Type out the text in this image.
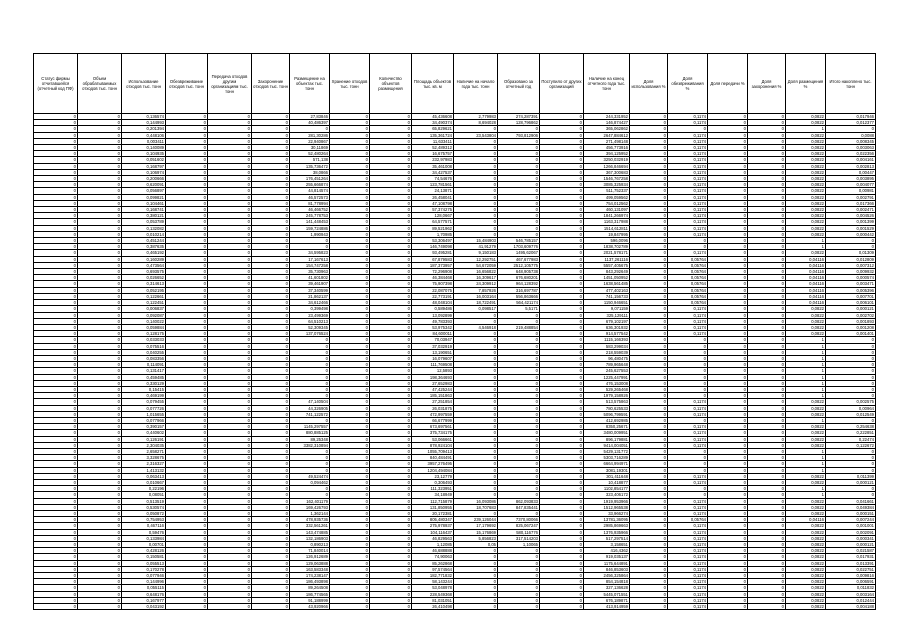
Статус фирмы отчитавшейся (отчетный код ПФ)	Объем обрабатываемых отходов тыс. тонн	Использование отходов тыс. тонн	Обезвреживание отходов тыс. тонн	Передача отходов другим организациям тыс. тонн	Захоронение отходов тыс. тонн	Размещение на объектах тыс. тонн	Хранение отходов тыс. тонн	Количество объектов размещения	Площадь объектов тыс. кв. м	Наличие на начало года тыс. тонн	Образовано за отчетный год	Поступило от других организаций	Наличие на конец отчетного года тыс. тонн	Доля использования %	Доля обезвреживания %	Доля передачи %	Доля захоронения %	Доля размещения %	Итого накоплено тыс. тонн
0	0	0,136574	0	0	0	27,83846	0	0	45,436608	2,779983	274,287391	0	244,331952	0	0,1174	0	0	0,0822	0,017946
0	0	0,144993	0	0	0	40,486397	0	0	34,490374	8,694028	128,796862	0	146,874427	0	0,1174	0	0	0,0822	0,012377
0	0	0,201394	0	0	0	0	0	0	65,829621	0	0	0	365,062862	0	0	0	0	1	0
0	0	0,448106	0	0	0	281,30286	0	0	135,361724	23,543804	793,812906	0	2647,884612	0	0,1174	0	0	0,0822	0,0088
0	0	0,003411	0	0	0	22,940867	0	0	11,633411	0	0	0	271,498148	0	0,1174	0	0	0,0822	0,008345
0	0	0,140089	0	0	0	30,11869	0	0	52,489312	0	0	0	456,773916	0	0,1174	0	0	0,0822	0,003063
0	0	0,104935	0	0	0	52,480264	0	0	16,675757	0	0	0	394,125952	0	0,1174	0	0	0,0822	0,022356
0	0	0,051602	0	0	0	571,138	0	0	232,97983	0	0	0	3250,032919	0	0,1174	0	0	0,0822	0,004161
0	0	0,168797	0	0	0	135,736472	0	0	35,461008	0	0	0	1266,846694	0	0,1174	0	0	0,0822	0,002813
0	0	0,106974	0	0	0	38,0866	0	0	34,427537	0	0	0	367,300683	0	0,1174	0	0	0,0822	0,00447
0	0	0,200666	0	0	0	176,451264	0	0	74,54676	0	0	0	1546,767258	0	0,1174	0	0	0,0822	0,003895
0	0	0,620091	0	0	0	255,666874	0	0	123,781561	0	0	0	3085,325934	0	0,1174	0	0	0,0822	0,004077
0	0	0,056897	0	0	0	44,814574	0	0	24,13871	0	0	0	511,752337	0	0,1174	0	0	0,0822	0,00981
0	0	0,099821	0	0	0	46,572573	0	0	26,458041	0	0	0	499,059562	0	0,1174	0	0	0,0822	0,002791
0	0	0,104461	0	0	0	81,778994	0	0	47,108798	0	0	0	754,012562	0	0,1174	0	0	0,0822	0,017366
0	0	0,168741	0	0	0	46,466752	0	0	57,374275	0	0	0	460,131097	0	0,1174	0	0	0,0822	0,002471
0	0	0,380121	0	0	0	245,778753	0	0	128,0667	0	0	0	1841,266974	0	0,1174	0	0	0,0822	0,004526
0	0	0,053789	0	0	0	141,448453	0	0	64,577571	0	0	0	1163,317988	0	0,1174	0	0	0,0822	0,001399
0	0	0,132082	0	0	0	159,724886	0	0	89,521962	0	0	0	1514,612811	0	0,1174	0	0	0,0822	0,001529
0	0	0,010214	0	0	0	1,990943	0	0	1,70985	0	0	0	19,847995	0	0,1174	0	0	0,0822	0,000442
0	0	0,451244	0	0	0	0	0	0	53,306497	15,484903	546,785157	0	596,0096	0	0	0	0	1	0
0	0	0,387635	0	0	0	0	0	0	146,749098	41,91279	1703,609776	0	1838,702789	0	0	0	0	1	0
0	0	0,465192	0	0	0	34,595823	0	0	93,495281	9,150183	1495,62067	0	2021,578171	0	0,1174	0	0	0,0822	0,01309
0	0	0,160289	0	0	0	17,167613	0	0	67,879583	12,292751	467,677983	0	1137,261116	0	0,05764	0	0	0,04116	0,012809
0	0	0,473564	0	0	0	154,747258	0	0	187,373957	54,672059	2512,105775	0	5557,405675	0	0,05764	0	0	0,04116	0,007312
0	0	0,693575	0	0	0	35,730963	0	0	72,296908	16,656822	648,905738	0	843,292649	0	0,05764	0	0	0,04116	0,009932
0	0	0,026652	0	0	0	41,601802	0	0	46,384468	16,309617	676,680201	0	1451,050952	0	0,05764	0	0	0,04116	0,000574
0	0	0,314613	0	0	0	39,461907	0	0	75,907398	24,309912	964,128392	0	1638,561485	0	0,05764	0	0	0,04116	0,003471
0	0	0,052195	0	0	0	37,340599	0	0	22,087075	7,857926	316,697787	0	477,402163	0	0,05764	0	0	0,04116	0,005396
0	0	0,122661	0	0	0	21,862137	0	0	22,773191	16,003164	556,863666	0	741,156733	0	0,05764	0	0	0,04116	0,007701
0	0	0,122451	0	0	0	34,612466	0	0	48,048104	18,722491	564,421174	0	1150,946651	0	0,05764	0	0	0,04116	0,006101
0	0	0,006837	0	0	0	0,399498	0	0	0,589486	0,098517	5,5171	0	9,071159	0	0,1174	0	0	0,0822	0,000121
0	0	0,092087	0	0	0	23,499369	0	0	13,092899	0	0	0	325,129111	0	0,1174	0	0	0,0822	0,002702
0	0	0,140022	0	0	0	64,510213	0	0	49,783393	0	0	0	679,102197	0	0,1174	0	0	0,0822	0,001893
0	0	0,059884	0	0	0	52,309345	0	0	53,975342	4,546918	219,488854	0	636,301932	0	0,1174	0	0	0,0822	0,001208
0	0	0,128175	0	0	0	137,076524	0	0	84,600011	0	0	0	914,577542	0	0,1174	0	0	0,0822	0,001401
0	0	0,033033	0	0	0	0	0	0	70,03947	0	0	0	1115,166393	0	0	0	0	1	0
0	0	0,075516	0	0	0	0	0	0	37,032919	0	0	0	583,299034	0	0	0	0	1	0
0	0	0,040255	0	0	0	0	0	0	13,190651	0	0	0	218,559039	0	0	0	0	1	0
0	0	0,083356	0	0	0	0	0	0	16,079607	0	0	0	96,480475	0	0	0	0	1	0
0	0	0,114091	0	0	0	0	0	0	111,769508	0	0	0	789,965648	0	0	0	0	1	0
0	0	0,131417	0	0	0	0	0	0	12,5893	0	0	0	245,627553	0	0	0	0	1	0
0	0	0,459485	0	0	0	0	0	0	198,364693	0	0	0	1225,447991	0	0	0	0	1	0
0	0	0,330129	0	0	0	0	0	0	27,652983	0	0	0	476,153008	0	0	0	0	1	0
0	0	0,15415	0	0	0	0	0	0	47,425244	0	0	0	529,265468	0	0	0	0	1	0
0	0	0,469199	0	0	0	0	0	0	185,151863	0	0	0	1979,158926	0	0	0	0	1	0
0	0	0,079455	0	0	0	47,140504	0	0	27,251854	0	0	0	513,575863	0	0,1174	0	0	0,0822	0,002575
0	0	0,077726	0	0	0	44,326905	0	0	26,031875	0	0	0	780,625533	0	0,1174	0	0	0,0822	0,00964
0	0	1,015655	0	0	0	741,122572	0	0	472,997559	0	0	0	5096,799591	0	0,1174	0	0	0,0822	0,012549
0	0	0,077966	0	0	0	0	0	0	66,677999	0	0	0	412,692985	0	0	0	0	1	0
0	0	0,390157	0	0	0	1145,297557	0	0	673,697561	0	0	0	8350,25671	0	0,1174	0	0	0,0822	0,254638
0	0	0,440602	0	0	0	880,885125	0	0	375,734175	0	0	0	3480,009951	0	0,1174	0	0	0,0822	0,222851
0	0	0,126191	0	0	0	89,25348	0	0	53,066661	0	0	0	896,179881	0	0,1174	0	0	0,0822	0,22474
0	0	2,304035	0	0	0	3382,310894	0	0	878,924104	0	0	0	9414,004051	0	0,1174	0	0	0,0822	0,122672
0	0	2,658271	0	0	0	0	0	0	1055,709413	0	0	0	5429,131772	0	0	0	0	1	0
0	0	3,328675	0	0	0	0	0	0	840,484491	0	0	0	5303,716289	0	0	0	0	1	0
0	0	2,316327	0	0	0	0	0	0	3957,276495	0	0	0	6664,994971	0	0	0	0	1	0
0	0	1,413132	0	0	0	0	0	0	1204,494084	0	0	0	3081,19301	0	0	0	0	1	0
0	0	0,063413	0	0	0	49,524474	0	0	23,12779	0	0	0	301,411648	0	0,1174	0	0	0,0822	0,011399
0	0	0,010667	0	0	0	0,094462	0	0	0,306493	0	0	0	10,418877	0	0,1174	0	0	0,0822	0,000121
0	0	0,22196	0	0	0	0	0	0	111,323951	0	0	0	1102,854177	0	0	0	0	1	0
0	0	0,08051	0	0	0	0	0	0	34,18949	0	0	0	323,406172	0	0	0	0	1	0
0	0	0,513519	0	0	0	162,401179	0	0	112,715879	16,093086	862,093833	0	1919,953966	0	0,1174	0	0	0,0822	0,041661
0	0	0,530574	0	0	0	169,426793	0	0	131,850955	18,707683	847,835441	0	1512,965538	0	0,1174	0	0	0,0822	0,049384
0	0	0,050872	0	0	0	1,362144	0	0	20,172381	0	0	0	33,966274	0	0,1174	0	0	0,0822	0,000151
0	0	0,754953	0	0	0	478,935736	0	0	805,480347	239,126044	7370,80066	0	13781,36095	0	0,05764	0	0	0,04116	0,007244
0	0	0,467116	0	0	0	332,561261	0	0	275,978937	17,179692	825,067247	0	2985,869663	0	0,1174	0	0	0,0822	0,001001
0	0	0,59476	0	0	0	143,474885	0	0	104,116437	15,176869	580,116776	0	1376,935966	0	0,1174	0	0	0,0822	0,002091
0	0	0,133984	0	0	0	132,186903	0	0	46,829563	5,856823	317,514203	0	517,297514	0	0,1174	0	0	0,0822	0,000341
0	0	0,00701	0	0	0	0,890213	0	0	1,12085	0,05	1,10065	0	3,158651	0	0,1174	0	0	0,0822	0,000121
0	0	0,428126	0	0	0	71,840014	0	0	46,688888	0	0	0	416,4362	0	0,1174	0	0	0,0822	0,021587
0	0	0,150581	0	0	0	126,912689	0	0	74,90063	0	0	0	919,035137	0	0,1174	0	0	0,0822	0,017931
0	0	0,055513	0	0	0	129,063888	0	0	85,262868	0	0	0	1175,644891	0	0,1174	0	0	0,0822	0,013391
0	0	0,170278	0	0	0	163,583348	0	0	97,574564	0	0	0	846,853603	0	0,1174	0	0	0,0822	0,022751
0	0	0,077946	0	0	0	174,238147	0	0	182,771832	0	0	0	2456,325864	0	0,1174	0	0	0,0822	0,009816
0	0	0,144996	0	0	0	186,493898	0	0	58,143244	0	0	0	854,154818	0	0,1174	0	0	0,0822	0,006591
0	0	0,055115	0	0	0	89,264508	0	0	53,048978	0	0	0	327,136628	0	0,1174	0	0	0,0822	0,011832
0	0	0,648176	0	0	0	186,774565	0	0	228,549368	0	0	0	5445,071551	0	0,1174	0	0	0,0822	0,003164
0	0	0,167977	0	0	0	91,188999	0	0	81,031051	0	0	0	676,189871	0	0,1174	0	0	0,0822	0,012444
0	0	0,043192	0	0	0	43,920966	0	0	26,410498	0	0	0	413,914959	0	0,1174	0	0	0,0822	0,004188
